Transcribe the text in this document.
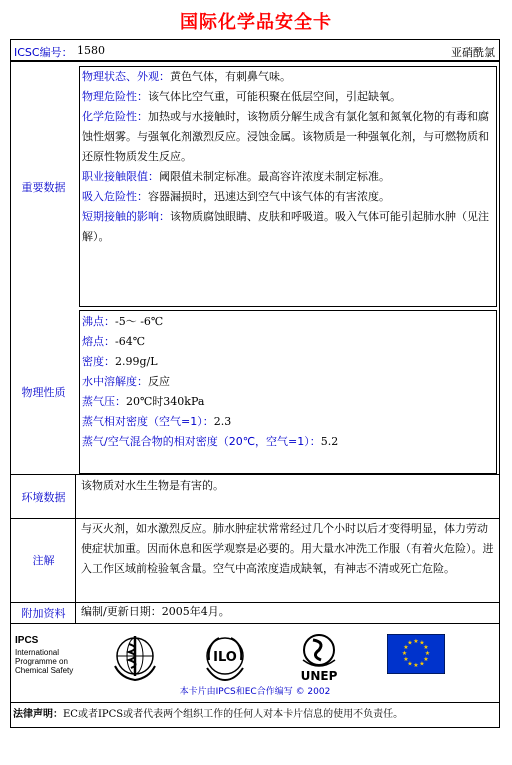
国际化学品安全卡
ICSC编号： 1580	亚硝酰氯
重要数据

物理状态、外观：黄色气体，有刺鼻气味。

物理危险性：该气体比空气重，可能积聚在低层空间，引起缺氧。

化学危险性：加热或与水接触时，该物质分解生成含有氯化氢和氮氧化物的有毒和腐蚀性烟雾。与强氧化剂激烈反应。浸蚀金属。该物质是一种强氧化剂，与可燃物质和还原性物质发生反应。

职业接触限值：阈限值未制定标准。最高容许浓度未制定标准。

吸入危险性：容器漏损时，迅速达到空气中该气体的有害浓度。

短期接触的影响：该物质腐蚀眼睛、皮肤和呼吸道。吸入气体可能引起肺水肿（见注解）。

物理性质

沸点：-5～ -6℃

熔点：-64℃

密度：2.99g/L

水中溶解度：反应

蒸气压：20℃时340kPa

蒸气相对密度（空气=1）：2.3

蒸气/空气混合物的相对密度（20℃，空气=1）：5.2

环境数据

该物质对水生生物是有害的。

注解

与灭火剂，如水激烈反应。肺水肿症状常常经过几个小时以后才变得明显，体力劳动使症状加重。因而休息和医学观察是必要的。用大量水冲洗工作服（有着火危险）。进入工作区域前检验氧含量。空气中高浓度造成缺氧，有神志不清或死亡危险。

附加资料	编制/更新日期：2005年4月。

IPCS
International
Programme on
Chemical Safety
ILO
UNEP
★ ★
★
★
★
★
★
★
★
★
★
★
本卡片由IPCS和EC合作编写 © 2002
法律声明：EC或者IPCS或者代表两个组织工作的任何人对本卡片信息的使用不负责任。
